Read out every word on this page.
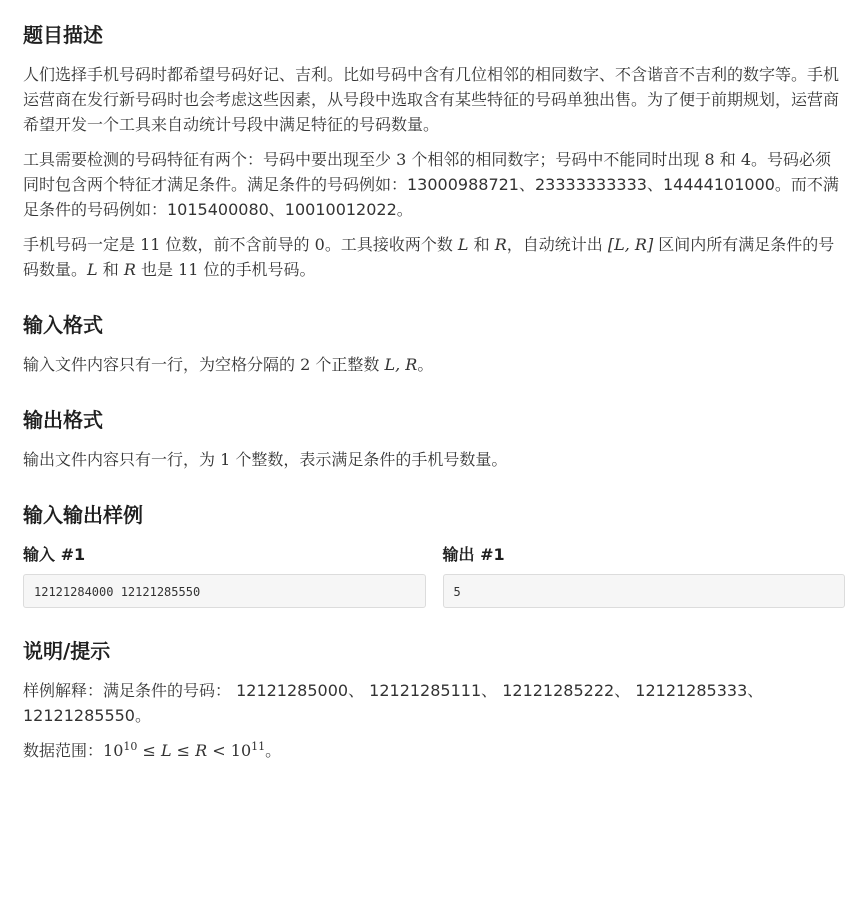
题目描述

人们选择手机号码时都希望号码好记、吉利。比如号码中含有几位相邻的相同数字、不含谐音不吉利的数字等。手机运营商在发行新号码时也会考虑这些因素，从号段中选取含有某些特征的号码单独出售。为了便于前期规划，运营商希望开发一个工具来自动统计号段中满足特征的号码数量。

工具需要检测的号码特征有两个：号码中要出现至少 3 个相邻的相同数字；号码中不能同时出现 8 和 4。号码必须同时包含两个特征才满足条件。满足条件的号码例如：13000988721、23333333333、14444101000。而不满足条件的号码例如：1015400080、10010012022。

手机号码一定是 11 位数，前不含前导的 0。工具接收两个数 L 和 R，自动统计出 [L, R] 区间内所有满足条件的号码数量。L 和 R 也是 11 位的手机号码。

输入格式

输入文件内容只有一行，为空格分隔的 2 个正整数 L, R。

输出格式

输出文件内容只有一行，为 1 个整数，表示满足条件的手机号数量。

输入输出样例
输入 #1
12121284000 12121285550
输出 #1
5
说明/提示

样例解释：满足条件的号码： 12121285000、 12121285111、 12121285222、 12121285333、 12121285550。

数据范围：$10^{10} \le L \le R < 10^{11}$。
